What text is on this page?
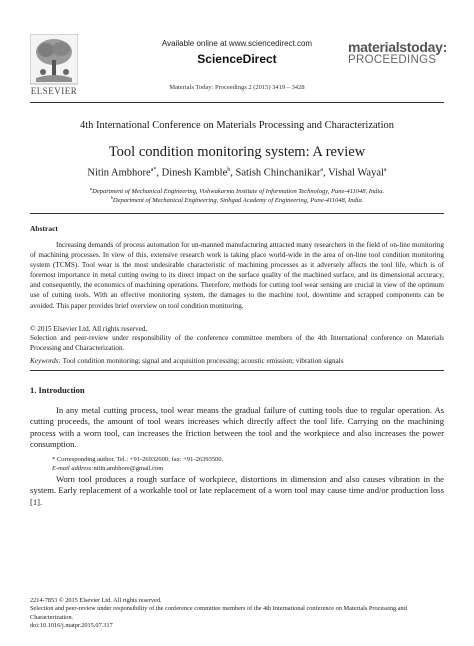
ELSEVIER
Available online at www.sciencedirect.com
ScienceDirect
Materials Today: Proceedings 2 (2015) 3419 – 3428
materialstoday:
PROCEEDINGS
4th International Conference on Materials Processing and Characterization
Tool condition monitoring system: A review
Nitin Ambhore$^{a*}$, Dinesh Kamble$^b$, Satish Chinchanikar$^a$, Vishal Wayal$^a$
$^a$Department of Mechanical Engineering, Vishwakarma Institute of Information Technology, Pune-411048, India.
$^b$Department of Mechanical Engineering, Sinhgad Academy of Engineering, Pune-411048, India.
Abstract
Increasing demands of process automation for un-manned manufacturing attracted many researchers in the field of on-line monitoring of machining processes. In view of this, extensive research work is taking place world-wide in the area of on-line tool condition monitoring system (TCMS). Tool wear is the most undesirable characteristic of machining processes as it adversely affects the tool life, which is of foremost importance in metal cutting owing to its direct impact on the surface quality of the machined surface, and its dimensional accuracy, and consequently, the economics of machining operations. Therefore, methods for cutting tool wear sensing are crucial in view of the optimum use of cutting tools. With an effective monitoring system, the damages to the machine tool, downtime and scrapped components can be avoided. This paper provides brief overview on tool condition monitoring.
© 2015 Elsevier Ltd. All rights reserved.
Selection and peer-review under responsibility of the conference committee members of the 4th International conference on Materials Processing and Characterization.
Keywords: Tool condition monitoring; signal and acquisition processing; acoustic emission; vibration signals
1. Introduction
In any metal cutting process, tool wear means the gradual failure of cutting tools due to regular operation. As cutting proceeds, the amount of tool wears increases which directly affect the tool life. Carrying on the machining process with a worn tool, can increases the friction between the tool and the workpiece and also increases the power consumption.
* Corresponding author. Tel.: +91-26932600; fax: +91-26393500.
E-mail address:nitin.ambhore@gmail.com
Worn tool produces a rough surface of workpiece, distortions in dimension and also causes vibration in the system. Early replacement of a workable tool or late replacement of a worn tool may cause time and/or production loss [1].
2214-7853 © 2015 Elsevier Ltd. All rights reserved.
Selection and peer-review under responsibility of the conference committee members of the 4th International conference on Materials Processing and Characterization.
doi:10.1016/j.matpr.2015.07.317
